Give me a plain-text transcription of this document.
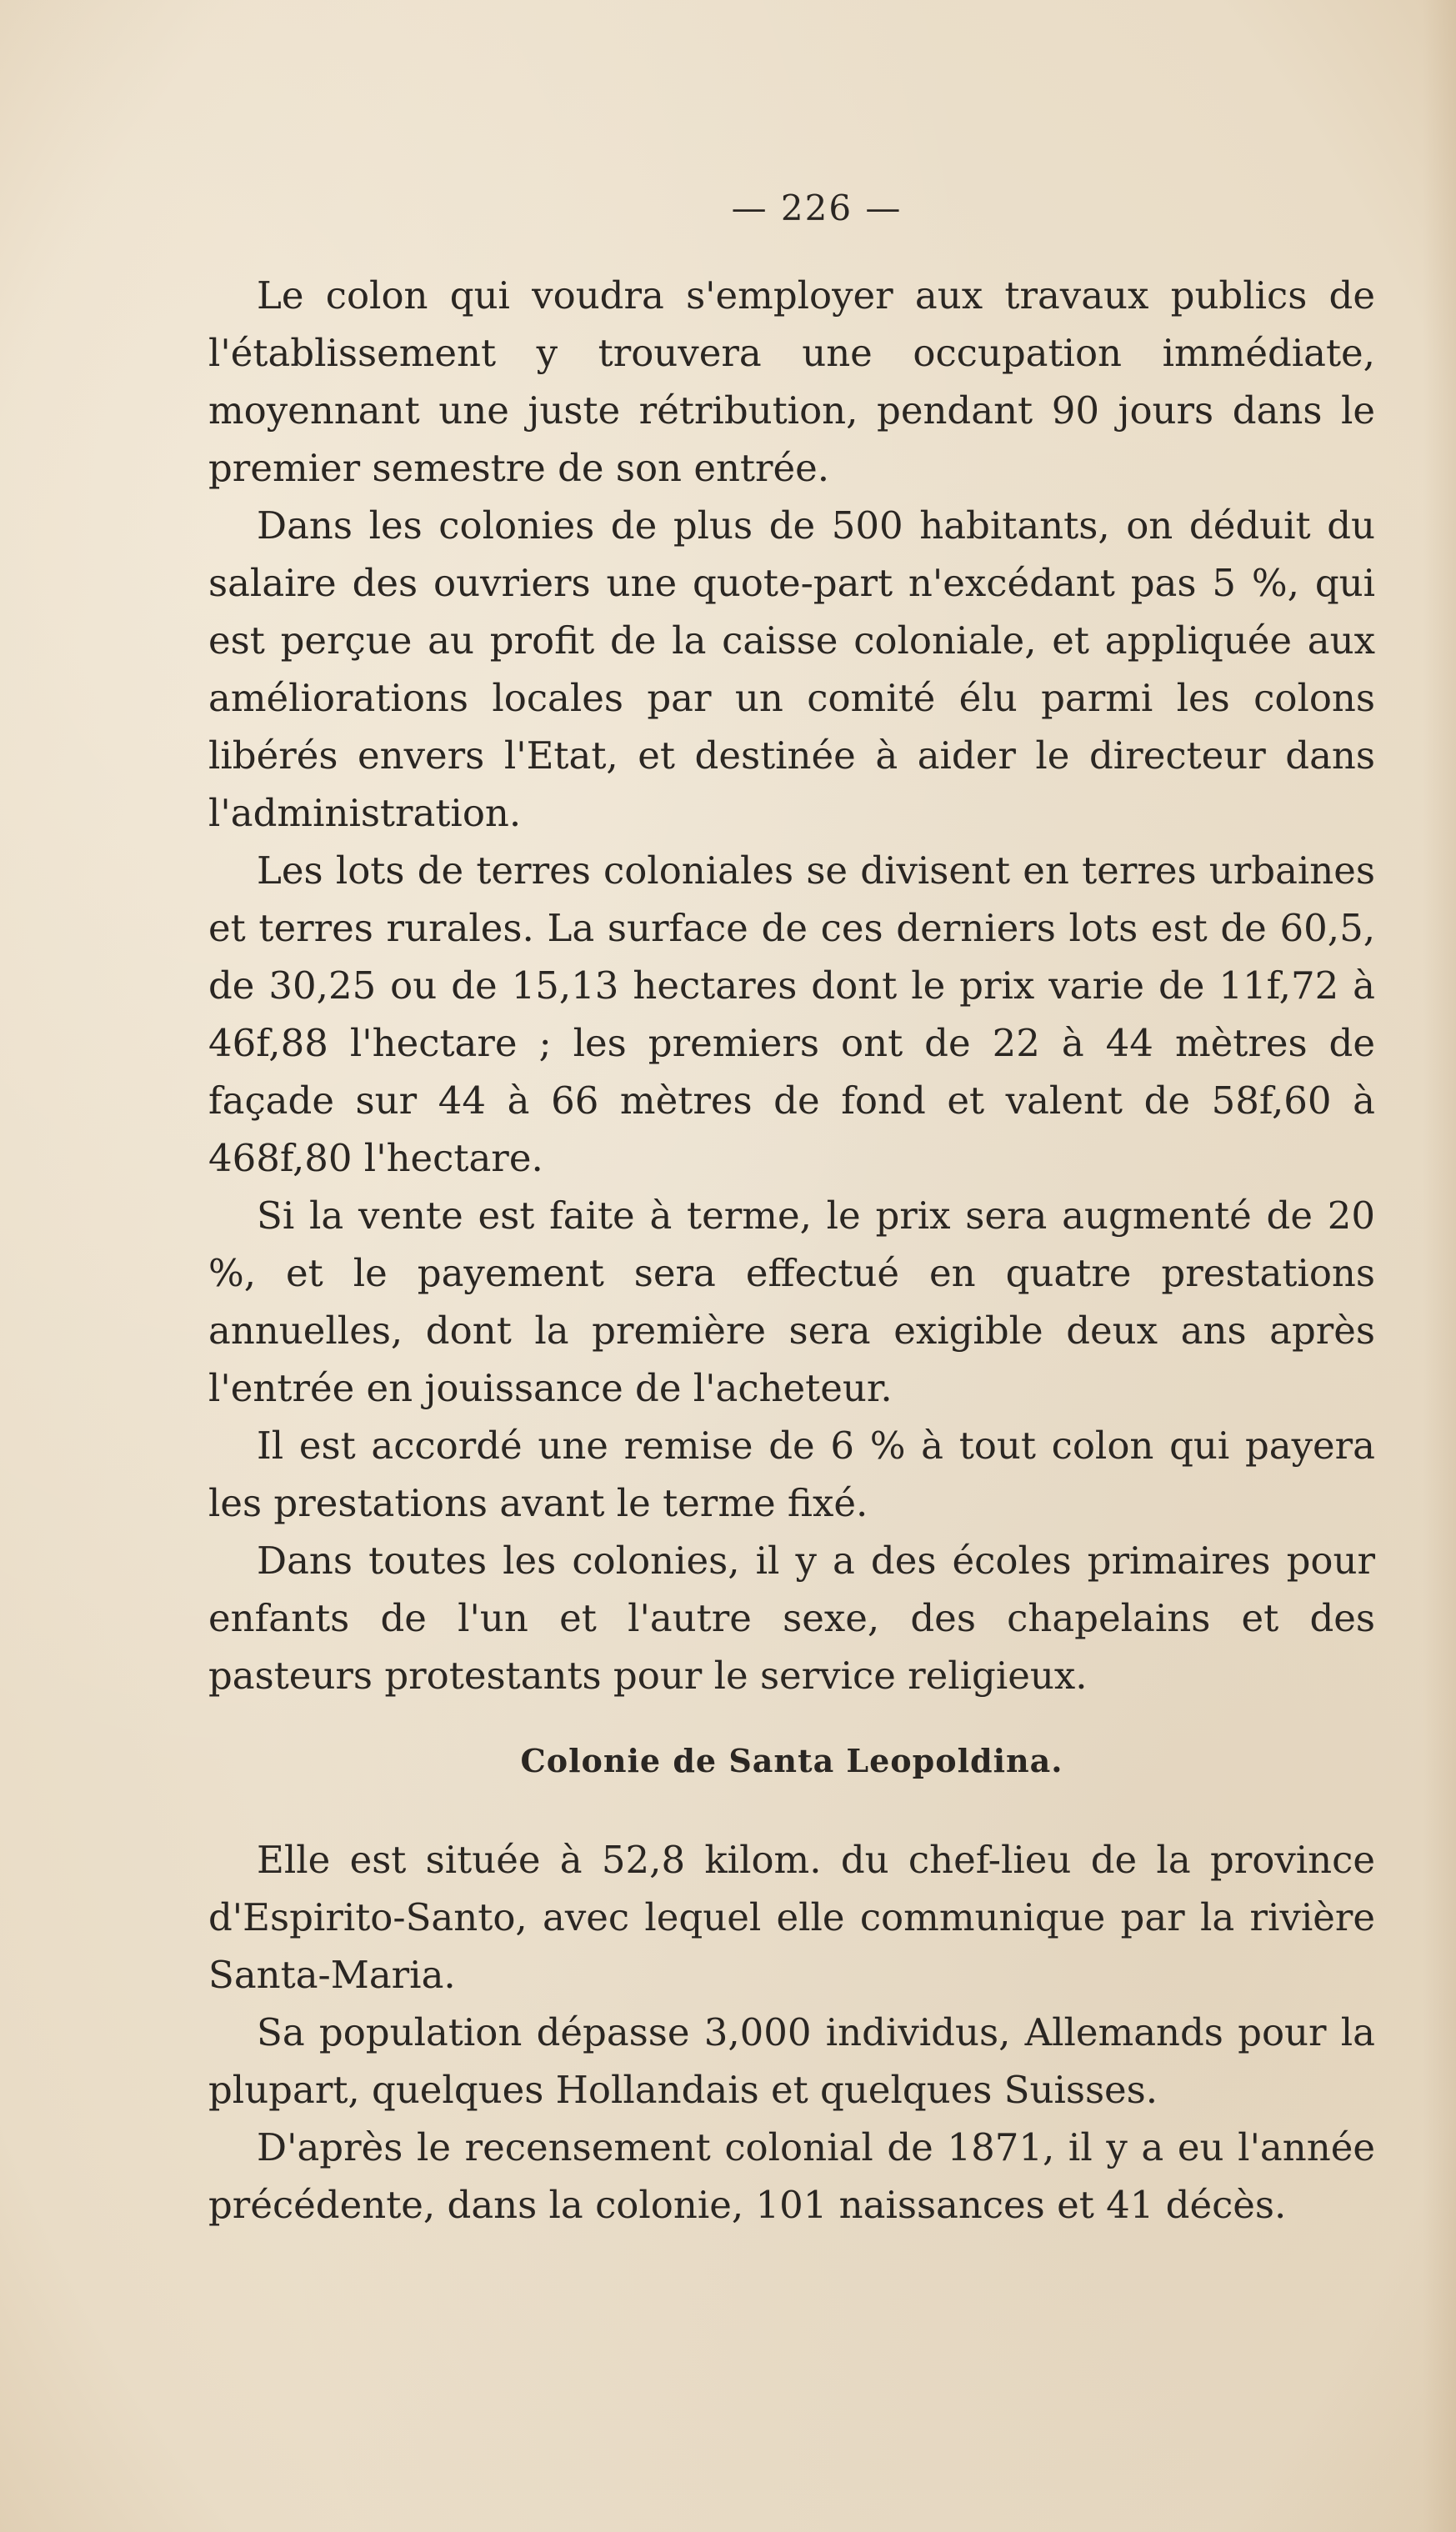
— 226 —

Le colon qui voudra s'employer aux travaux publics de l'établissement y trouvera une occupation immédiate, moyennant une juste rétribution, pendant 90 jours dans le premier semestre de son entrée.

Dans les colonies de plus de 500 habitants, on déduit du salaire des ouvriers une quote-part n'excédant pas 5 %, qui est perçue au profit de la caisse coloniale, et appliquée aux améliorations locales par un comité élu parmi les colons libérés envers l'Etat, et destinée à aider le directeur dans l'administration.

Les lots de terres coloniales se divisent en terres urbaines et terres rurales. La surface de ces derniers lots est de 60,5, de 30,25 ou de 15,13 hectares dont le prix varie de 11f,72 à 46f,88 l'hectare ; les premiers ont de 22 à 44 mètres de façade sur 44 à 66 mètres de fond et valent de 58f,60 à 468f,80 l'hectare.

Si la vente est faite à terme, le prix sera augmenté de 20 %, et le payement sera effectué en quatre prestations annuelles, dont la première sera exigible deux ans après l'entrée en jouissance de l'acheteur.

Il est accordé une remise de 6 % à tout colon qui payera les prestations avant le terme fixé.

Dans toutes les colonies, il y a des écoles primaires pour enfants de l'un et l'autre sexe, des chapelains et des pasteurs protestants pour le service religieux.

Colonie de Santa Leopoldina.

Elle est située à 52,8 kilom. du chef-lieu de la province d'Espirito-Santo, avec lequel elle communique par la rivière Santa-Maria.

Sa population dépasse 3,000 individus, Allemands pour la plupart, quelques Hollandais et quelques Suisses.

D'après le recensement colonial de 1871, il y a eu l'année précédente, dans la colonie, 101 naissances et 41 décès.
